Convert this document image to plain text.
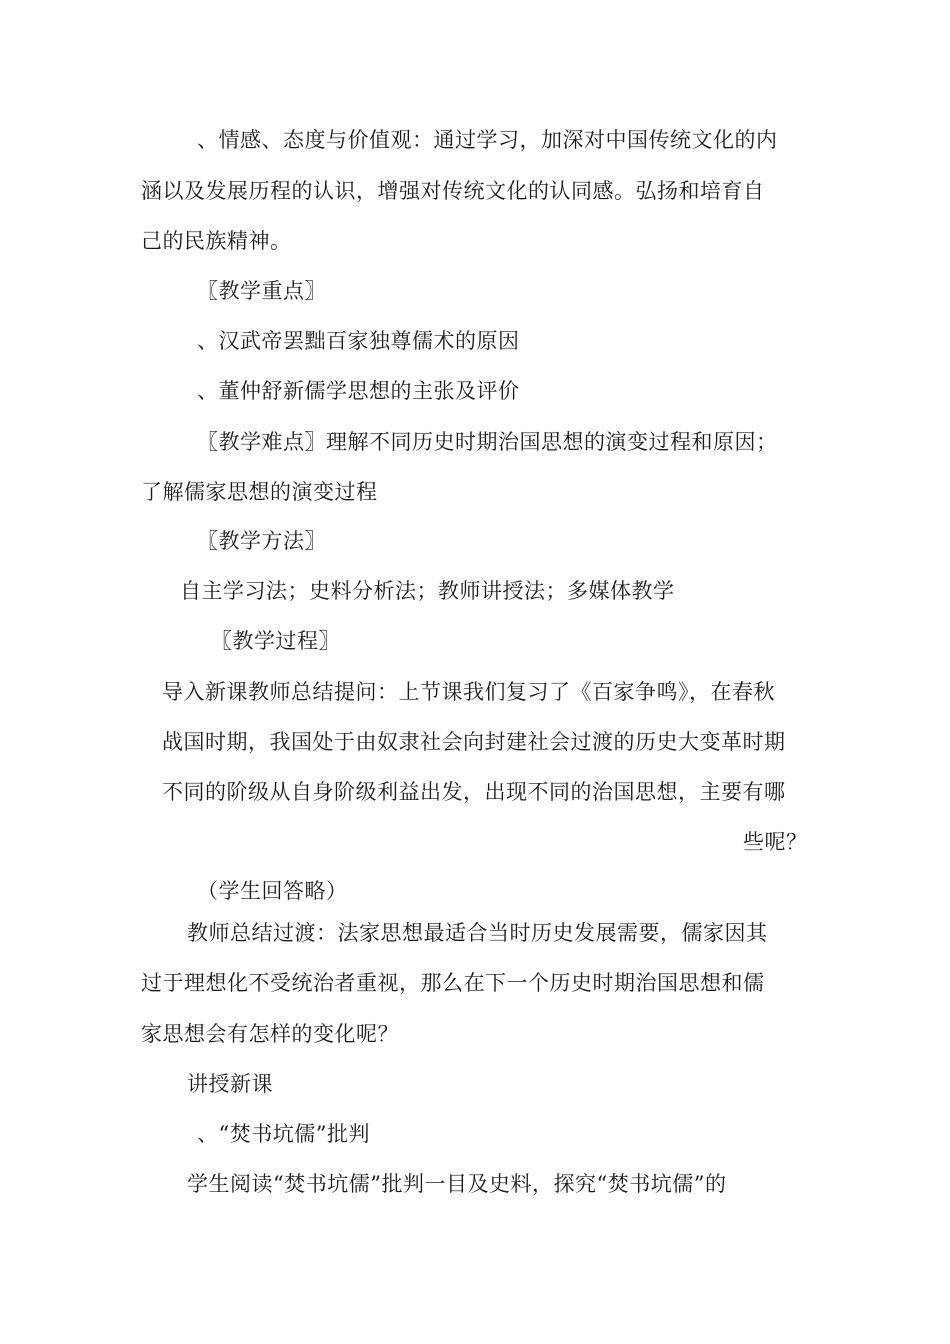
、情感、态度与价值观：通过学习，加深对中国传统文化的内
涵以及发展历程的认识，增强对传统文化的认同感。弘扬和培育自
己的民族精神。
〖教学重点〗
、汉武帝罢黜百家独尊儒术的原因
、董仲舒新儒学思想的主张及评价
〖教学难点〗理解不同历史时期治国思想的演变过程和原因；
了解儒家思想的演变过程
〖教学方法〗
自主学习法；史料分析法；教师讲授法；多媒体教学
〖教学过程〗
导入新课教师总结提问：上节课我们复习了《百家争鸣》，在春秋
战国时期，我国处于由奴隶社会向封建社会过渡的历史大变革时期
不同的阶级从自身阶级利益出发，出现不同的治国思想，主要有哪
些呢？
（学生回答略）
教师总结过渡：法家思想最适合当时历史发展需要，儒家因其
过于理想化不受统治者重视，那么在下一个历史时期治国思想和儒
家思想会有怎样的变化呢？
讲授新课
、“焚书坑儒”批判
学生阅读“焚书坑儒”批判一目及史料，探究“焚书坑儒”的
